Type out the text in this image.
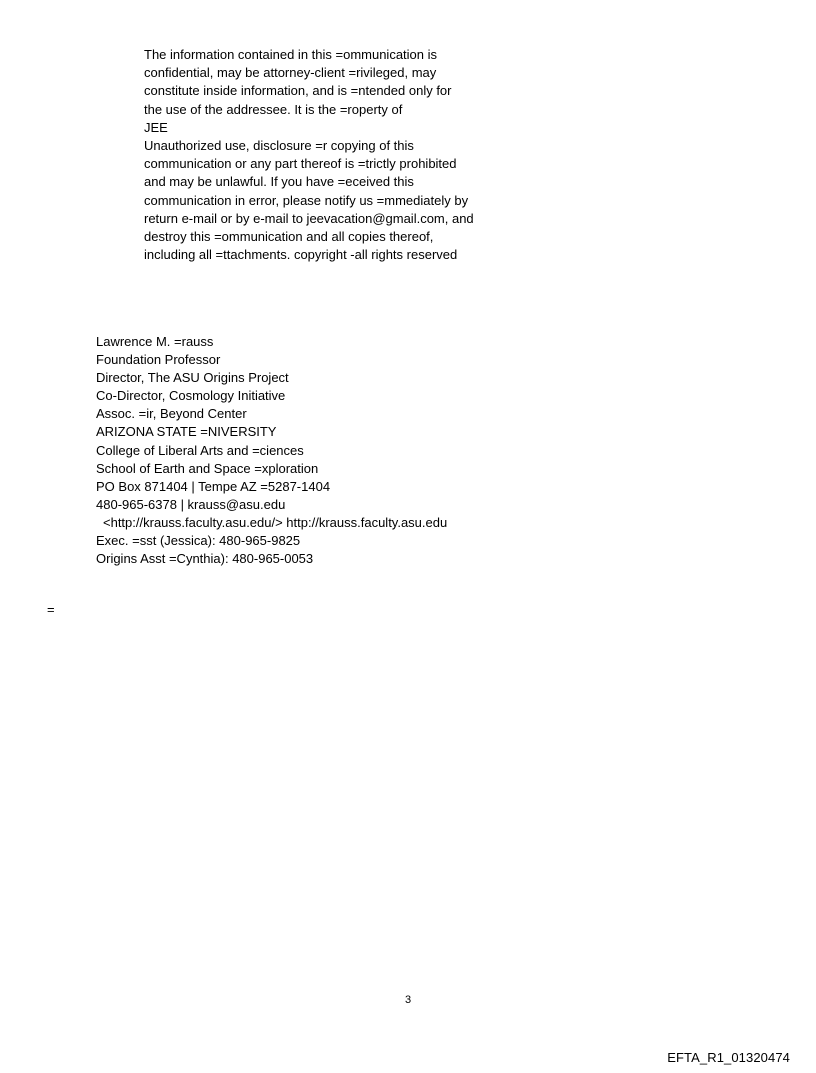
The information contained in this =ommunication is
confidential, may be attorney-client =rivileged, may
constitute inside information, and is =ntended only for
the use of the addressee. It is the =roperty of
JEE
Unauthorized use, disclosure =r copying of this
communication or any part thereof is =trictly prohibited
and may be unlawful. If you have =eceived this
communication in error, please notify us =mmediately by
return e-mail or by e-mail to jeevacation@gmail.com, and
destroy this =ommunication and all copies thereof,
including all =ttachments. copyright -all rights reserved
Lawrence M. =rauss
Foundation Professor
Director, The ASU Origins Project
Co-Director, Cosmology Initiative
Assoc. =ir, Beyond Center
ARIZONA STATE =NIVERSITY
College of Liberal Arts and =ciences
School of Earth and Space =xploration
PO Box 871404 | Tempe AZ =5287-1404
480-965-6378 | krauss@asu.edu
<http://krauss.faculty.asu.edu/> http://krauss.faculty.asu.edu
Exec. =sst (Jessica): 480-965-9825
Origins Asst =Cynthia): 480-965-0053
=
3
EFTA_R1_01320474
